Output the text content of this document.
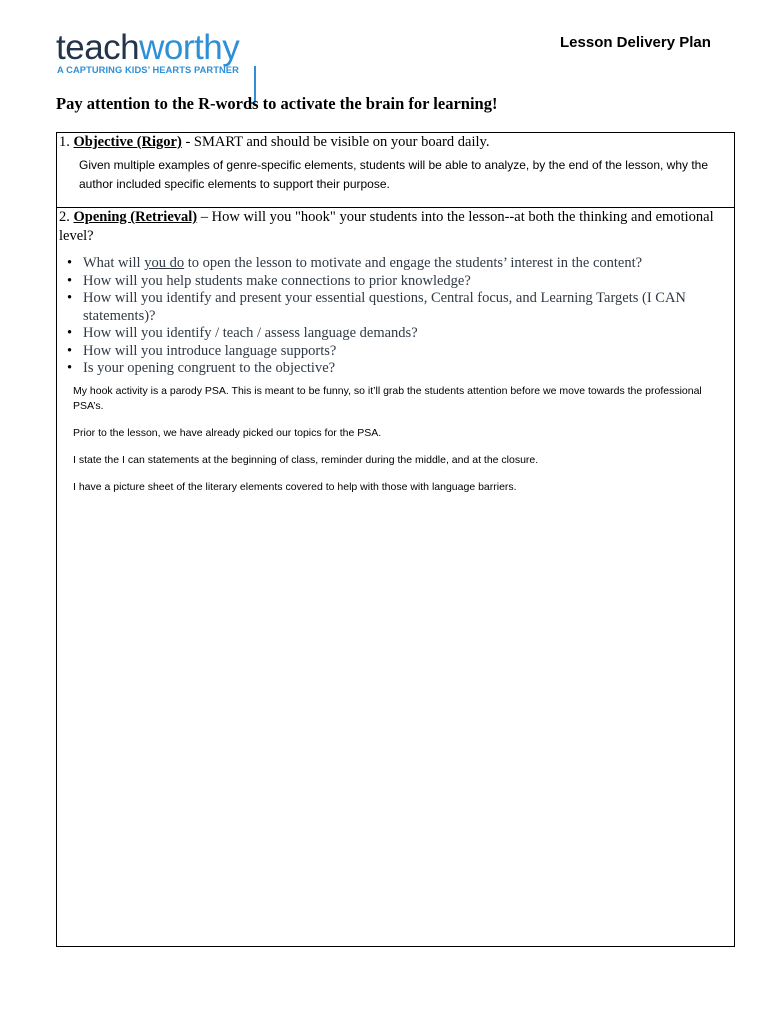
teachworthy
A CAPTURING KIDS’ HEARTS PARTNER
Lesson Delivery Plan
Pay attention to the R-words to activate the brain for learning!
1. Objective (Rigor) - SMART and should be visible on your board daily.
Given multiple examples of genre-specific elements, students will be able to analyze, by the end of the lesson, why the author included specific elements to support their purpose.
2. Opening (Retrieval) – How will you "hook" your students into the lesson--at both the thinking and emotional level?
• What will you do to open the lesson to motivate and engage the students’ interest in the content?
• How will you help students make connections to prior knowledge?
• How will you identify and present your essential questions, Central focus, and Learning Targets (I CAN statements)?
• How will you identify / teach / assess language demands?
• How will you introduce language supports?
• Is your opening congruent to the objective?

My hook activity is a parody PSA. This is meant to be funny, so it’ll grab the students attention before we move towards the professional PSA’s.

Prior to the lesson, we have already picked our topics for the PSA.

I state the I can statements at the beginning of class, reminder during the middle, and at the closure.

I have a picture sheet of the literary elements covered to help with those with language barriers.
